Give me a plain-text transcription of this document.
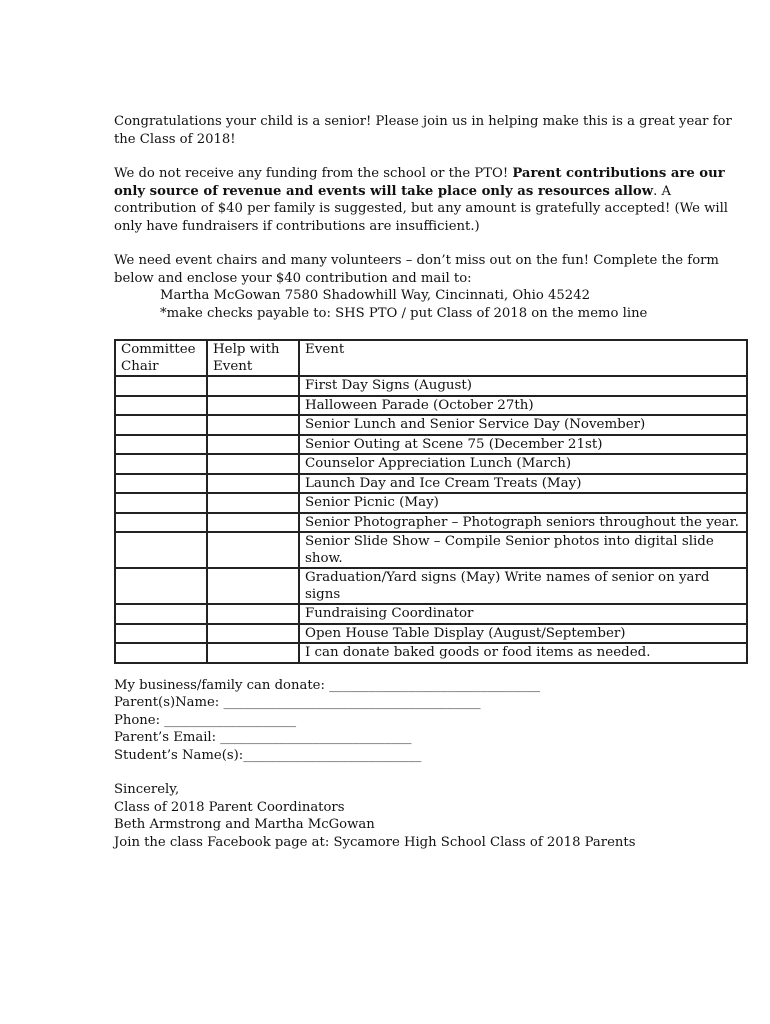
Congratulations your child is a senior! Please join us in helping make this is a great year for the Class of 2018!

We do not receive any funding from the school or the PTO! Parent contributions are our only source of revenue and events will take place only as resources allow. A contribution of $40 per family is suggested, but any amount is gratefully accepted! (We will only have fundraisers if contributions are insufficient.)

We need event chairs and many volunteers – don’t miss out on the fun! Complete the form below and enclose your $40 contribution and mail to:

Martha McGowan 7580 Shadowhill Way, Cincinnati, Ohio 45242

*make checks payable to: SHS PTO / put Class of 2018 on the memo line

Committee Chair	Help with Event	Event
		First Day Signs (August)
		Halloween Parade (October 27th)
		Senior Lunch and Senior Service Day (November)
		Senior Outing at Scene 75 (December 21st)
		Counselor Appreciation Lunch (March)
		Launch Day and Ice Cream Treats (May)
		Senior Picnic (May)
		Senior Photographer – Photograph seniors throughout the year.
		Senior Slide Show – Compile Senior photos into digital slide show.
		Graduation/Yard signs (May) Write names of senior on yard signs
		Fundraising Coordinator
		Open House Table Display (August/September)
		I can donate baked goods or food items as needed.

My business/family can donate: ________________________________

Parent(s)Name: _______________________________________

Phone: ____________________

Parent’s Email: _____________________________

Student’s Name(s):___________________________

Sincerely,

Class of 2018 Parent Coordinators

Beth Armstrong and Martha McGowan

Join the class Facebook page at: Sycamore High School Class of 2018 Parents
